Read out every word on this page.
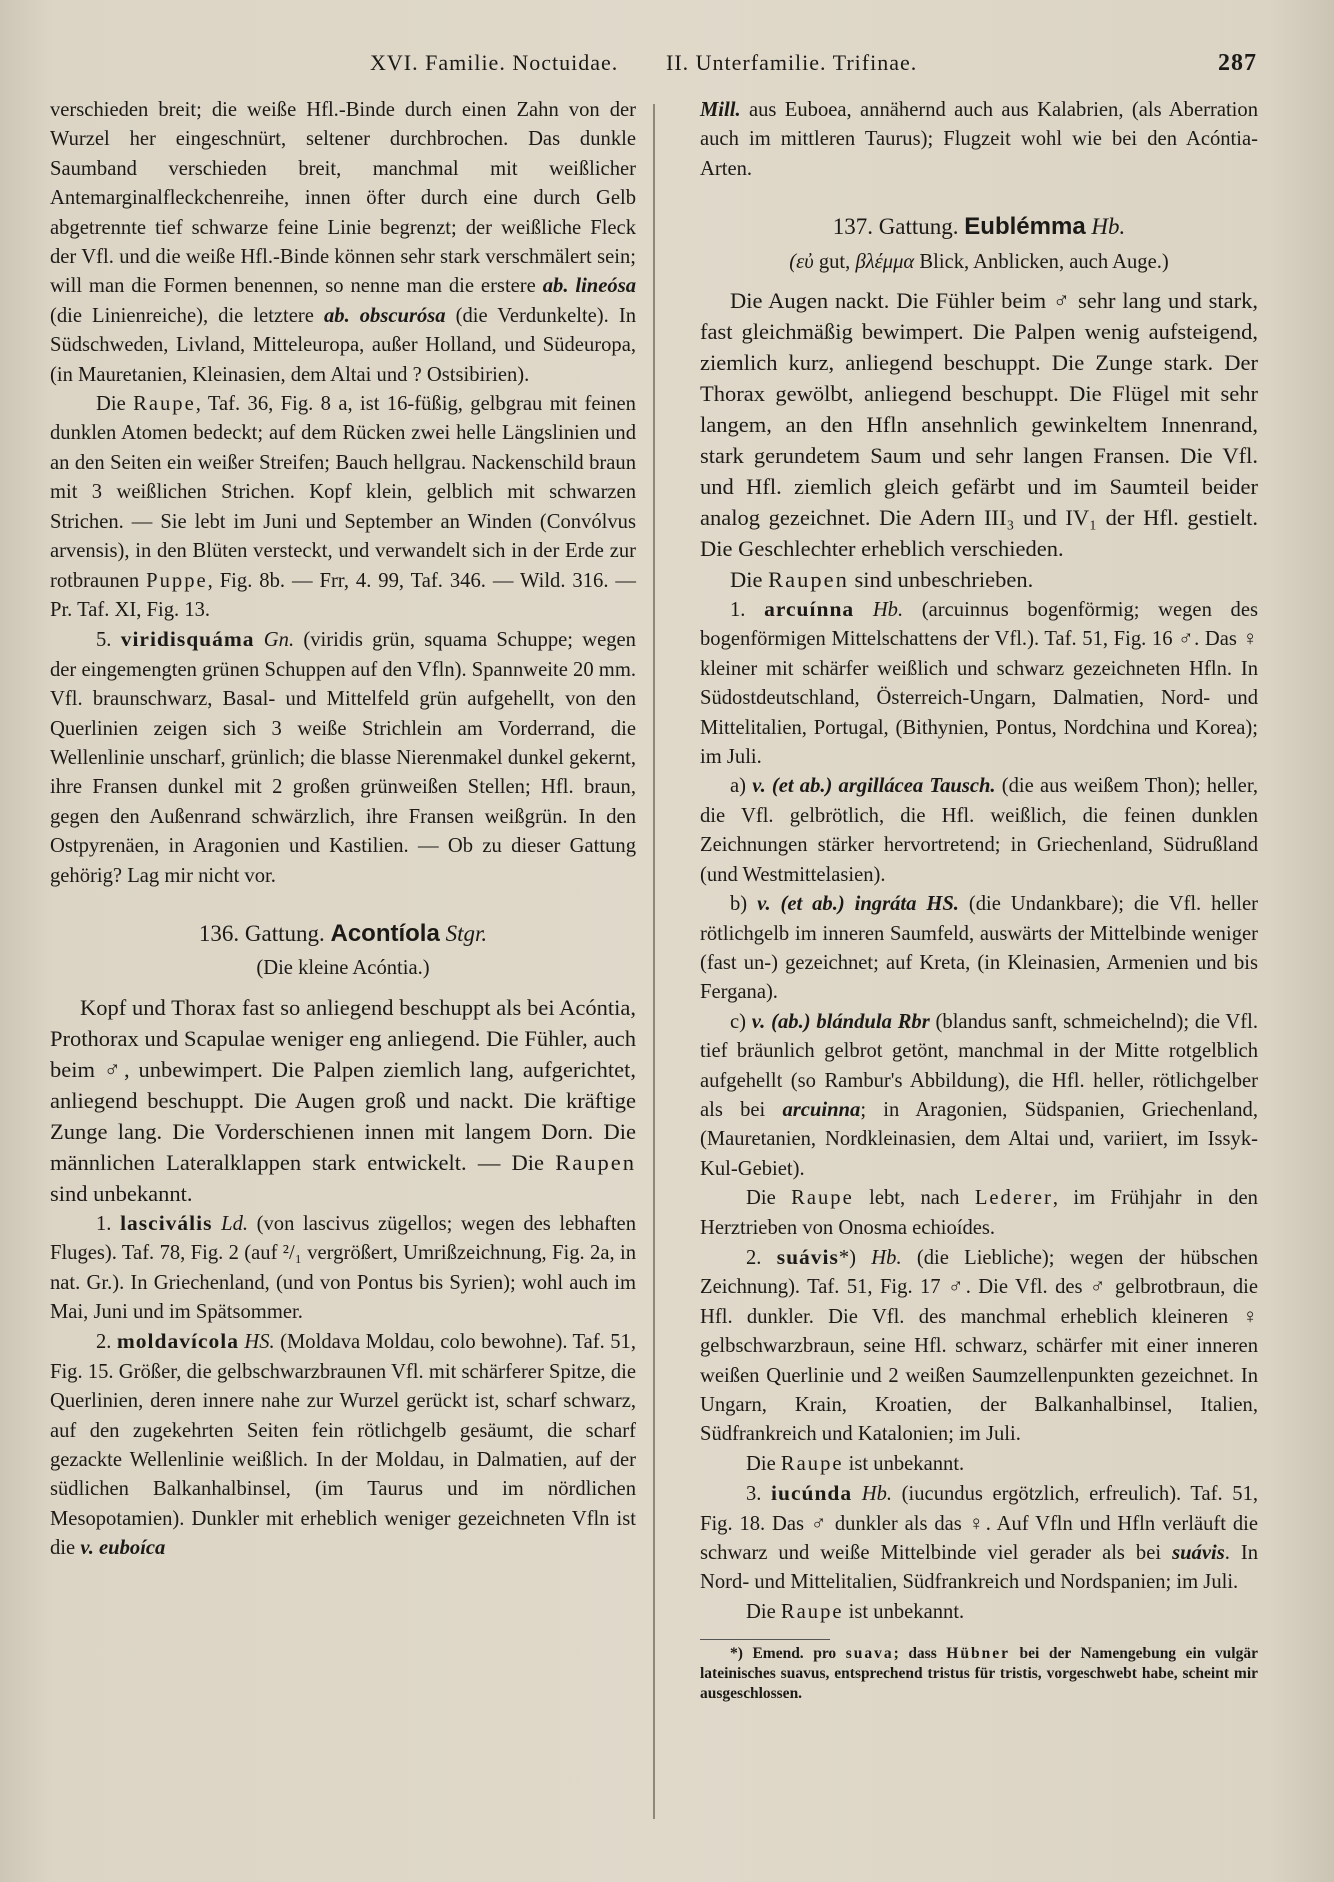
XVI. Familie. Noctuidae. II. Unterfamilie. Trifinae.	287

verschieden breit; die weiße Hfl.-Binde durch einen Zahn von der Wurzel her eingeschnürt, seltener durchbrochen. Das dunkle Saumband verschieden breit, manchmal mit weißlicher Antemarginalfleckchenreihe, innen öfter durch eine durch Gelb abgetrennte tief schwarze feine Linie begrenzt; der weißliche Fleck der Vfl. und die weiße Hfl.-Binde können sehr stark verschmälert sein; will man die Formen benennen, so nenne man die erstere ab. lineósa (die Linienreiche), die letztere ab. obscurósa (die Verdunkelte). In Südschweden, Livland, Mitteleuropa, außer Holland, und Südeuropa, (in Mauretanien, Kleinasien, dem Altai und ? Ostsibirien).

Die Raupe, Taf. 36, Fig. 8 a, ist 16-füßig, gelbgrau mit feinen dunklen Atomen bedeckt; auf dem Rücken zwei helle Längslinien und an den Seiten ein weißer Streifen; Bauch hellgrau. Nackenschild braun mit 3 weißlichen Strichen. Kopf klein, gelblich mit schwarzen Strichen. — Sie lebt im Juni und September an Winden (Convólvus arvensis), in den Blüten versteckt, und verwandelt sich in der Erde zur rotbraunen Puppe, Fig. 8b. — Frr, 4. 99, Taf. 346. — Wild. 316. — Pr. Taf. XI, Fig. 13.

5. viridisquáma Gn. (viridis grün, squama Schuppe; wegen der eingemengten grünen Schuppen auf den Vfln). Spannweite 20 mm. Vfl. braunschwarz, Basal- und Mittelfeld grün aufgehellt, von den Querlinien zeigen sich 3 weiße Strichlein am Vorderrand, die Wellenlinie unscharf, grünlich; die blasse Nierenmakel dunkel gekernt, ihre Fransen dunkel mit 2 großen grünweißen Stellen; Hfl. braun, gegen den Außenrand schwärzlich, ihre Fransen weißgrün. In den Ostpyrenäen, in Aragonien und Kastilien. — Ob zu dieser Gattung gehörig? Lag mir nicht vor.

136. Gattung. Acontíola Stgr.
(Die kleine Acóntia.)

Kopf und Thorax fast so anliegend beschuppt als bei Acóntia, Prothorax und Scapulae weniger eng anliegend. Die Fühler, auch beim ♂, unbewimpert. Die Palpen ziemlich lang, aufgerichtet, anliegend beschuppt. Die Augen groß und nackt. Die kräftige Zunge lang. Die Vorderschienen innen mit langem Dorn. Die männlichen Lateralklappen stark entwickelt. — Die Raupen sind unbekannt.

1. lascivális Ld. (von lascivus zügellos; wegen des lebhaften Fluges). Taf. 78, Fig. 2 (auf ²/₁ vergrößert, Umrißzeichnung, Fig. 2a, in nat. Gr.). In Griechenland, (und von Pontus bis Syrien); wohl auch im Mai, Juni und im Spätsommer.

2. moldavícola HS. (Moldava Moldau, colo bewohne). Taf. 51, Fig. 15. Größer, die gelbschwarzbraunen Vfl. mit schärferer Spitze, die Querlinien, deren innere nahe zur Wurzel gerückt ist, scharf schwarz, auf den zugekehrten Seiten fein rötlichgelb gesäumt, die scharf gezackte Wellenlinie weißlich. In der Moldau, in Dalmatien, auf der südlichen Balkanhalbinsel, (im Taurus und im nördlichen Mesopotamien). Dunkler mit erheblich weniger gezeichneten Vfln ist die v. euboíca

Mill. aus Euboea, annähernd auch aus Kalabrien, (als Aberration auch im mittleren Taurus); Flugzeit wohl wie bei den Acóntia-Arten.

137. Gattung. Eublémma Hb.
(εὐ gut, βλέμμα Blick, Anblicken, auch Auge.)

Die Augen nackt. Die Fühler beim ♂ sehr lang und stark, fast gleichmäßig bewimpert. Die Palpen wenig aufsteigend, ziemlich kurz, anliegend beschuppt. Die Zunge stark. Der Thorax gewölbt, anliegend beschuppt. Die Flügel mit sehr langem, an den Hfln ansehnlich gewinkeltem Innenrand, stark gerundetem Saum und sehr langen Fransen. Die Vfl. und Hfl. ziemlich gleich gefärbt und im Saumteil beider analog gezeichnet. Die Adern III₃ und IV₁ der Hfl. gestielt. Die Geschlechter erheblich verschieden.

Die Raupen sind unbeschrieben.

1. arcuínna Hb. (arcuinnus bogenförmig; wegen des bogenförmigen Mittelschattens der Vfl.). Taf. 51, Fig. 16 ♂. Das ♀ kleiner mit schärfer weißlich und schwarz gezeichneten Hfln. In Südostdeutschland, Österreich-Ungarn, Dalmatien, Nord- und Mittelitalien, Portugal, (Bithynien, Pontus, Nordchina und Korea); im Juli.

a) v. (et ab.) argillácea Tausch. (die aus weißem Thon); heller, die Vfl. gelbrötlich, die Hfl. weißlich, die feinen dunklen Zeichnungen stärker hervortretend; in Griechenland, Südrußland (und Westmittelasien).

b) v. (et ab.) ingráta HS. (die Undankbare); die Vfl. heller rötlichgelb im inneren Saumfeld, auswärts der Mittelbinde weniger (fast un-) gezeichnet; auf Kreta, (in Kleinasien, Armenien und bis Fergana).

c) v. (ab.) blándula Rbr (blandus sanft, schmeichelnd); die Vfl. tief bräunlich gelbrot getönt, manchmal in der Mitte rotgelblich aufgehellt (so Rambur's Abbildung), die Hfl. heller, rötlichgelber als bei arcuinna; in Aragonien, Südspanien, Griechenland, (Mauretanien, Nordkleinasien, dem Altai und, variiert, im Issyk-Kul-Gebiet).

Die Raupe lebt, nach Lederer, im Frühjahr in den Herztrieben von Onosma echioídes.

2. suávis*) Hb. (die Liebliche); wegen der hübschen Zeichnung). Taf. 51, Fig. 17 ♂. Die Vfl. des ♂ gelbrotbraun, die Hfl. dunkler. Die Vfl. des manchmal erheblich kleineren ♀ gelbschwarzbraun, seine Hfl. schwarz, schärfer mit einer inneren weißen Querlinie und 2 weißen Saumzellenpunkten gezeichnet. In Ungarn, Krain, Kroatien, der Balkanhalbinsel, Italien, Südfrankreich und Katalonien; im Juli.

Die Raupe ist unbekannt.

3. iucúnda Hb. (iucundus ergötzlich, erfreulich). Taf. 51, Fig. 18. Das ♂ dunkler als das ♀. Auf Vfln und Hfln verläuft die schwarz und weiße Mittelbinde viel gerader als bei suávis. In Nord- und Mittelitalien, Südfrankreich und Nordspanien; im Juli.

Die Raupe ist unbekannt.

*) Emend. pro suava; dass Hübner bei der Namengebung ein vulgär lateinisches suavus, entsprechend tristus für tristis, vorgeschwebt habe, scheint mir ausgeschlossen.
